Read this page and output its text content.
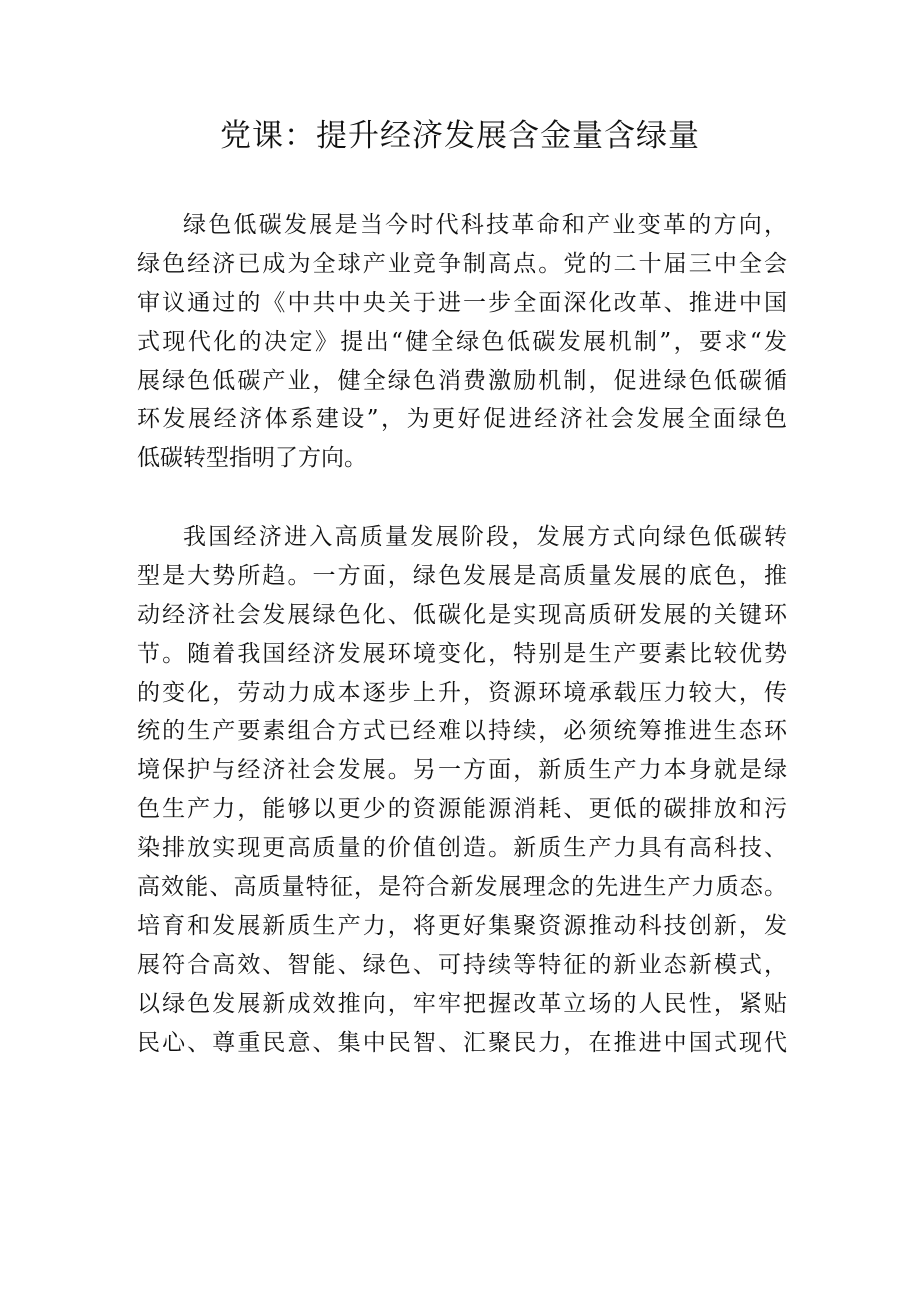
党课：提升经济发展含金量含绿量
绿色低碳发展是当今时代科技革命和产业变革的方向，
绿色经济已成为全球产业竞争制高点。党的二十届三中全会
审议通过的《中共中央关于进一步全面深化改革、推进中国
式现代化的决定》提出“健全绿色低碳发展机制”，要求“发
展绿色低碳产业，健全绿色消费激励机制，促进绿色低碳循
环发展经济体系建设”，为更好促进经济社会发展全面绿色
低碳转型指明了方向。
我国经济进入高质量发展阶段，发展方式向绿色低碳转
型是大势所趋。一方面，绿色发展是高质量发展的底色，推
动经济社会发展绿色化、低碳化是实现高质研发展的关键环
节。随着我国经济发展环境变化，特别是生产要素比较优势
的变化，劳动力成本逐步上升，资源环境承载压力较大，传
统的生产要素组合方式已经难以持续，必须统筹推进生态环
境保护与经济社会发展。另一方面，新质生产力本身就是绿
色生产力，能够以更少的资源能源消耗、更低的碳排放和污
染排放实现更高质量的价值创造。新质生产力具有高科技、
高效能、高质量特征，是符合新发展理念的先进生产力质态。
培育和发展新质生产力，将更好集聚资源推动科技创新，发
展符合高效、智能、绿色、可持续等特征的新业态新模式，
以绿色发展新成效推向，牢牢把握改革立场的人民性，紧贴
民心、尊重民意、集中民智、汇聚民力，在推进中国式现代
